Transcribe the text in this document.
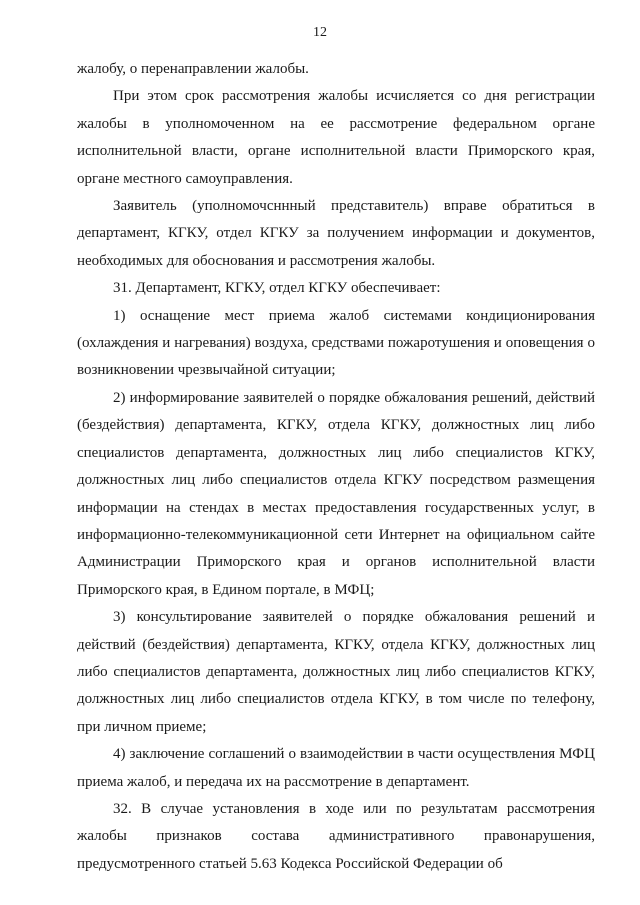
12

жалобу, о перенаправлении жалобы.

При этом срок рассмотрения жалобы исчисляется со дня регистрации жалобы в уполномоченном на ее рассмотрение федеральном органе исполнительной власти, органе исполнительной власти Приморского края, органе местного самоуправления.

Заявитель (уполномочсннный представитель) вправе обратиться в департамент, КГКУ, отдел КГКУ за получением информации и документов, необходимых для обоснования и рассмотрения жалобы.

31. Департамент, КГКУ, отдел КГКУ обеспечивает:

1) оснащение мест приема жалоб системами кондиционирования (охлаждения и нагревания) воздуха, средствами пожаротушения и оповещения о возникновении чрезвычайной ситуации;

2) информирование заявителей о порядке обжалования решений, действий (бездействия) департамента, КГКУ, отдела КГКУ, должностных лиц либо специалистов департамента, должностных лиц либо специалистов КГКУ, должностных лиц либо специалистов отдела КГКУ посредством размещения информации на стендах в местах предоставления государственных услуг, в информационно-телекоммуникационной сети Интернет на официальном сайте Администрации Приморского края и органов исполнительной власти Приморского края, в Едином портале, в МФЦ;

3) консультирование заявителей о порядке обжалования решений и действий (бездействия) департамента, КГКУ, отдела КГКУ, должностных лиц либо специалистов департамента, должностных лиц либо специалистов КГКУ, должностных лиц либо специалистов отдела КГКУ, в том числе по телефону, при личном приеме;

4) заключение соглашений о взаимодействии в части осуществления МФЦ приема жалоб, и передача их на рассмотрение в департамент.

32. В случае установления в ходе или по результатам рассмотрения жалобы признаков состава административного правонарушения, предусмотренного статьей 5.63 Кодекса Российской Федерации об
